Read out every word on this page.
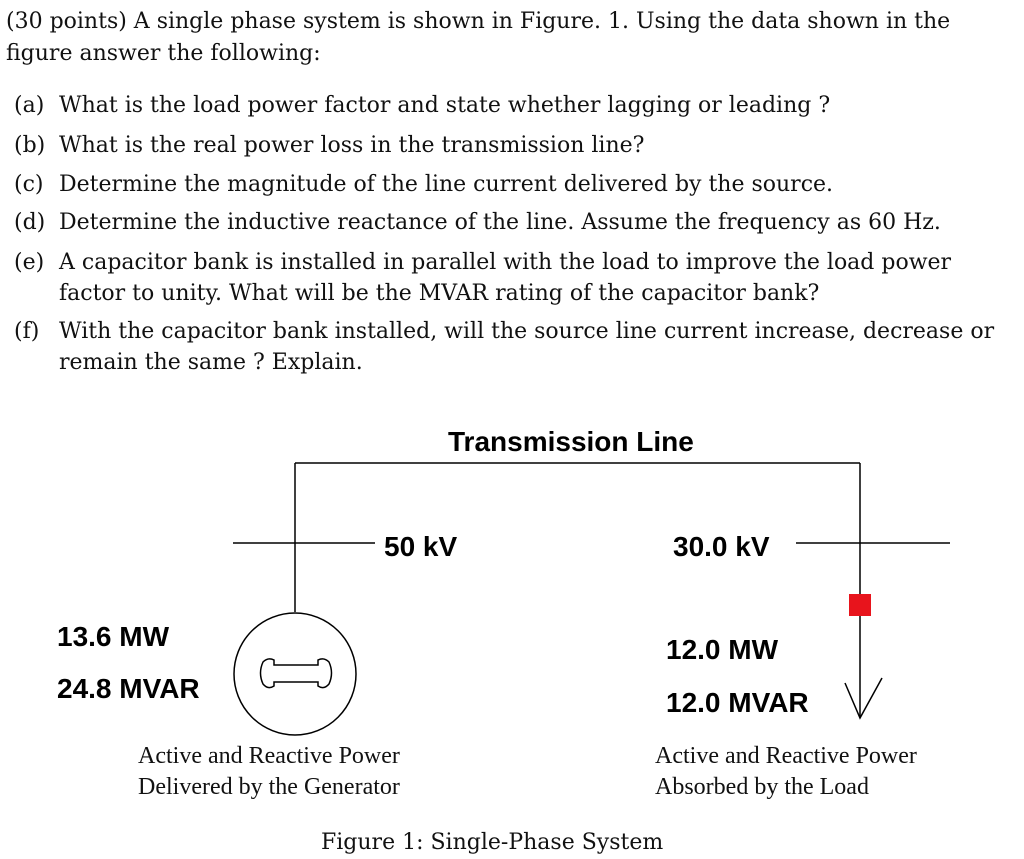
(30 points) A single phase system is shown in Figure. 1. Using the data shown in the figure answer the following:
(a) What is the load power factor and state whether lagging or leading ?
(b) What is the real power loss in the transmission line?
(c) Determine the magnitude of the line current delivered by the source.
(d) Determine the inductive reactance of the line. Assume the frequency as 60 Hz.
(e) A capacitor bank is installed in parallel with the load to improve the load power factor to unity. What will be the MVAR rating of the capacitor bank?
(f) With the capacitor bank installed, will the source line current increase, decrease or remain the same ? Explain.
Transmission Line
50 kV	30.0 kV
13.6 MW
24.8 MVAR
12.0 MW
12.0 MVAR
Active and Reactive Power
Delivered by the Generator
Active and Reactive Power
Absorbed by the Load
Figure 1: Single-Phase System
